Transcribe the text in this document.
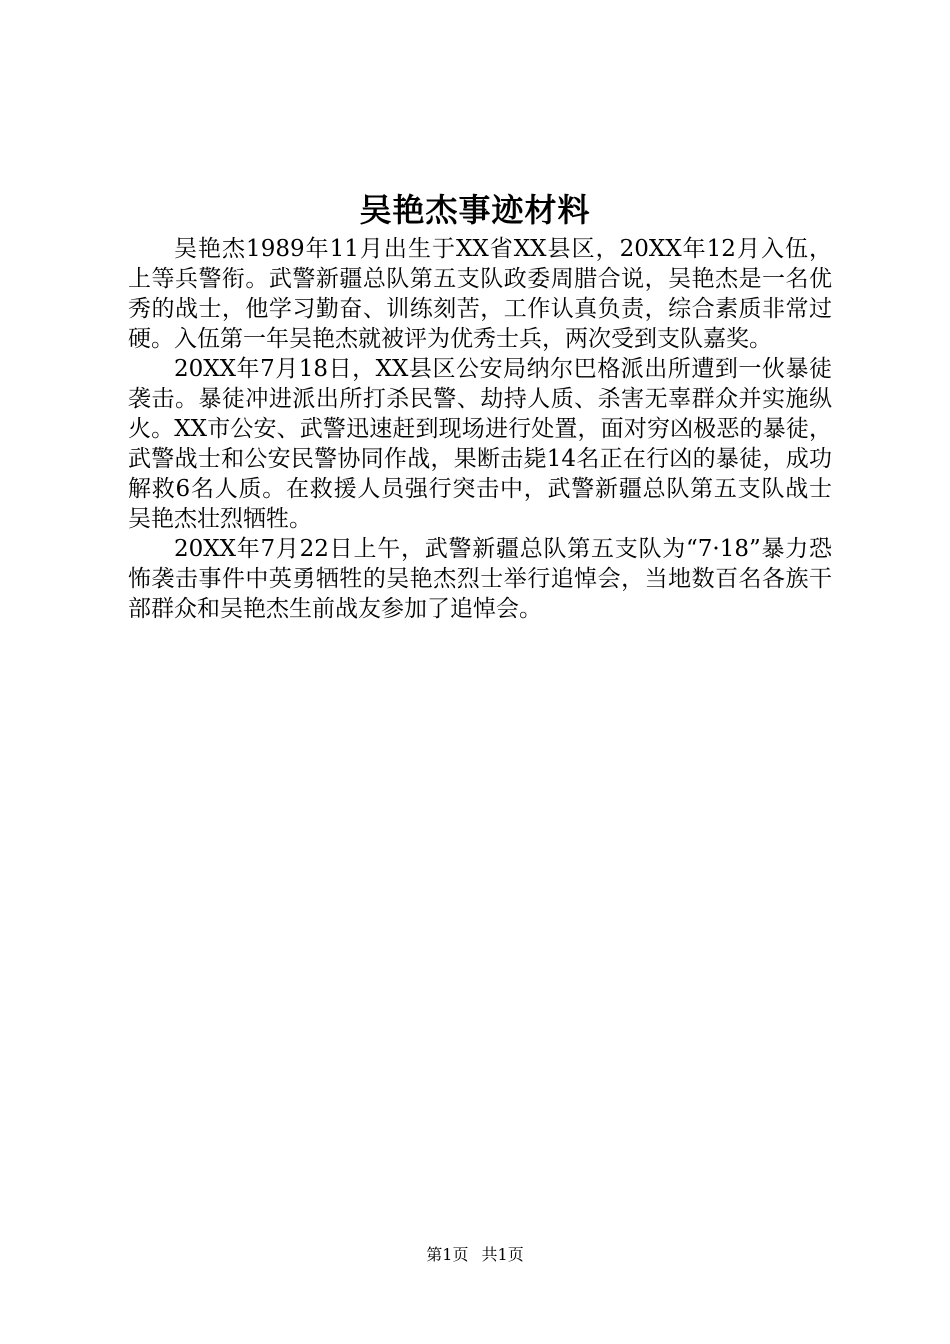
吴艳杰事迹材料

吴艳杰1989年11月出生于XX省XX县区，20XX年12月入伍，上等兵警衔。武警新疆总队第五支队政委周腊合说，吴艳杰是一名优秀的战士，他学习勤奋、训练刻苦，工作认真负责，综合素质非常过硬。入伍第一年吴艳杰就被评为优秀士兵，两次受到支队嘉奖。

20XX年7月18日，XX县区公安局纳尔巴格派出所遭到一伙暴徒袭击。暴徒冲进派出所打杀民警、劫持人质、杀害无辜群众并实施纵火。XX市公安、武警迅速赶到现场进行处置，面对穷凶极恶的暴徒，武警战士和公安民警协同作战，果断击毙14名正在行凶的暴徒，成功解救6名人质。在救援人员强行突击中，武警新疆总队第五支队战士吴艳杰壮烈牺牲。

20XX年7月22日上午，武警新疆总队第五支队为“7·18”暴力恐怖袭击事件中英勇牺牲的吴艳杰烈士举行追悼会，当地数百名各族干部群众和吴艳杰生前战友参加了追悼会。

第1页 共1页
